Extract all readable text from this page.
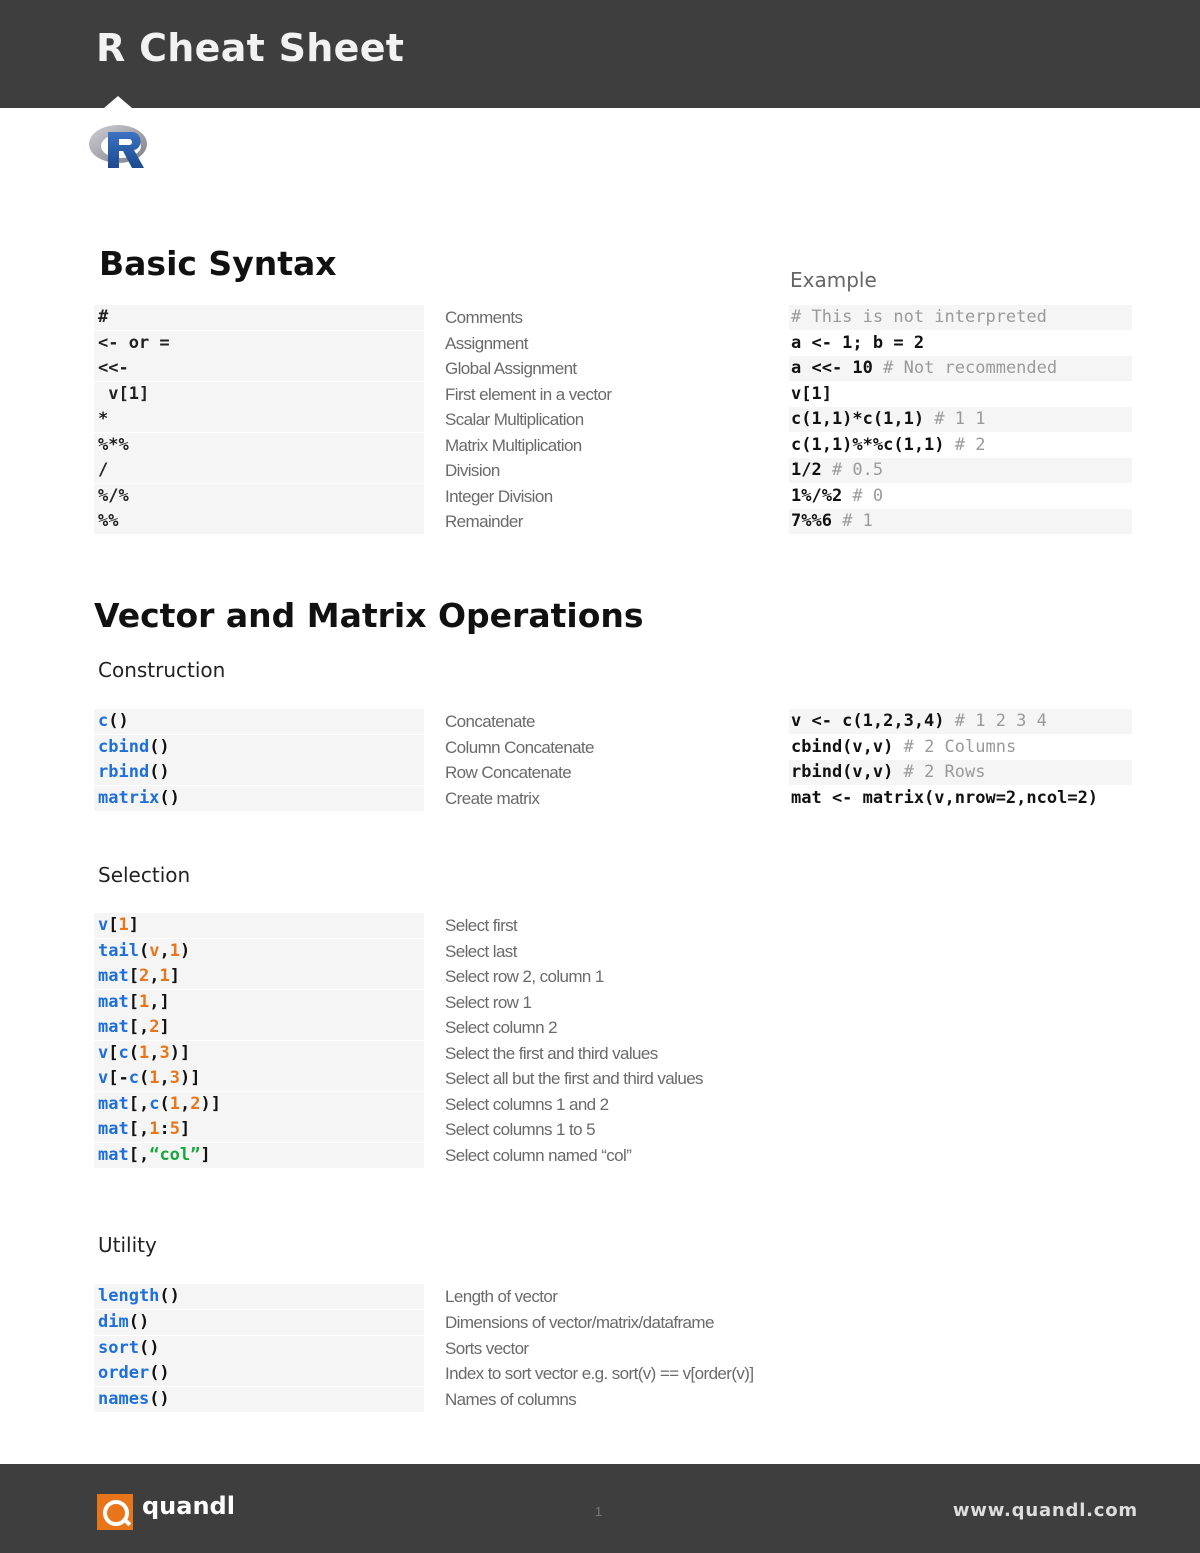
R Cheat Sheet
Basic Syntax	Example
#	Comments	# This is not interpreted
<- or =	Assignment	a <- 1; b = 2
<<-	Global Assignment	a <<- 10 # Not recommended
v[1]	First element in a vector	v[1]
*	Scalar Multiplication	c(1,1)*c(1,1) # 1 1
%*%	Matrix Multiplication	c(1,1)%*%c(1,1) # 2
/	Division	1/2 # 0.5
%/%	Integer Division	1%/%2 # 0
%%	Remainder	7%%6 # 1
Vector and Matrix Operations
Construction
c()	Concatenate	v <- c(1,2,3,4) # 1 2 3 4
cbind()	Column Concatenate	cbind(v,v) # 2 Columns
rbind()	Row Concatenate	rbind(v,v) # 2 Rows
matrix()	Create matrix	mat <- matrix(v,nrow=2,ncol=2)
Selection
v[1]	Select first
tail(v,1)	Select last
mat[2,1]	Select row 2, column 1
mat[1,]	Select row 1
mat[,2]	Select column 2
v[c(1,3)]	Select the first and third values
v[-c(1,3)]	Select all but the first and third values
mat[,c(1,2)]	Select columns 1 and 2
mat[,1:5]	Select columns 1 to 5
mat[,“col”]	Select column named “col”
Utility
length()	Length of vector
dim()	Dimensions of vector/matrix/dataframe
sort()	Sorts vector
order()	Index to sort vector e.g. sort(v) == v[order(v)]
names()	Names of columns
quandl	1	www.quandl.com
